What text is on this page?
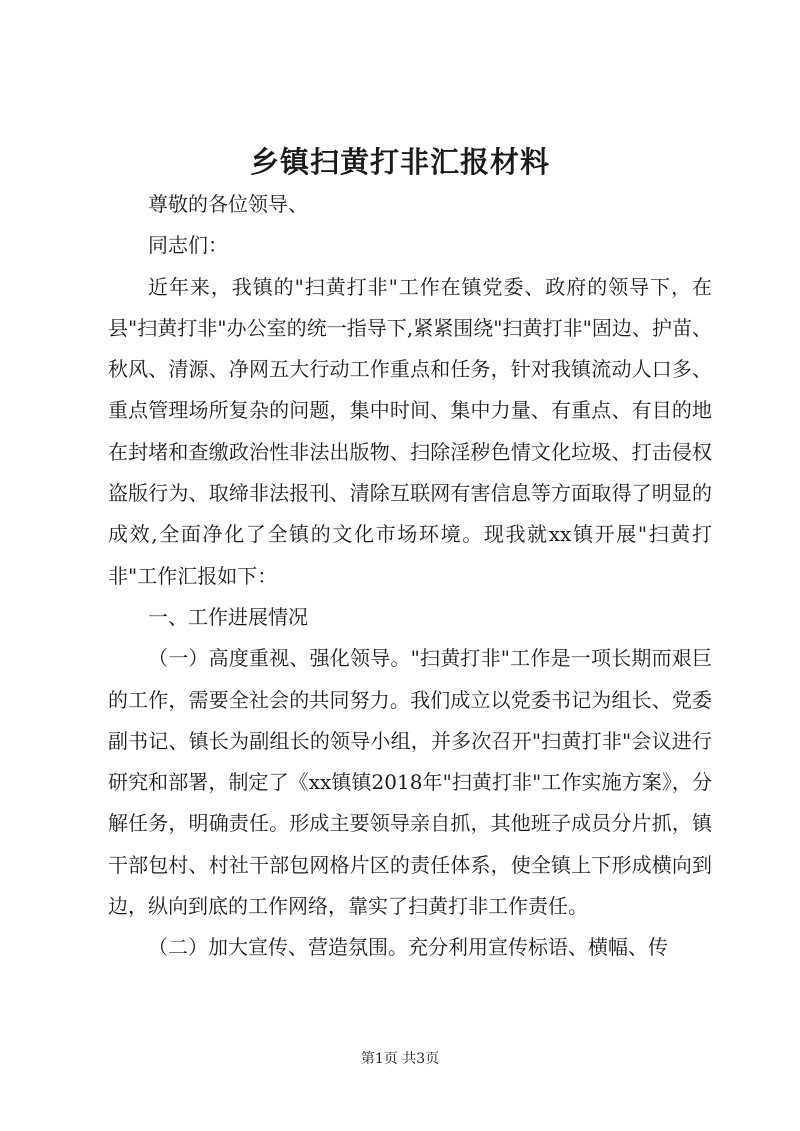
乡镇扫黄打非汇报材料

尊敬的各位领导、

同志们：

近年来，我镇的"扫黄打非"工作在镇党委、政府的领导下，在县"扫黄打非"办公室的统一指导下,紧紧围绕"扫黄打非"固边、护苗、秋风、清源、净网五大行动工作重点和任务，针对我镇流动人口多、重点管理场所复杂的问题，集中时间、集中力量、有重点、有目的地在封堵和查缴政治性非法出版物、扫除淫秽色情文化垃圾、打击侵权盗版行为、取缔非法报刊、清除互联网有害信息等方面取得了明显的成效,全面净化了全镇的文化市场环境。现我就xx镇开展"扫黄打非"工作汇报如下：

一、工作进展情况

（一）高度重视、强化领导。"扫黄打非"工作是一项长期而艰巨的工作，需要全社会的共同努力。我们成立以党委书记为组长、党委副书记、镇长为副组长的领导小组，并多次召开"扫黄打非"会议进行研究和部署，制定了《xx镇镇2018年"扫黄打非"工作实施方案》，分解任务，明确责任。形成主要领导亲自抓，其他班子成员分片抓，镇干部包村、村社干部包网格片区的责任体系，使全镇上下形成横向到边，纵向到底的工作网络，靠实了扫黄打非工作责任。

（二）加大宣传、营造氛围。充分利用宣传标语、横幅、传

第1页 共3页
